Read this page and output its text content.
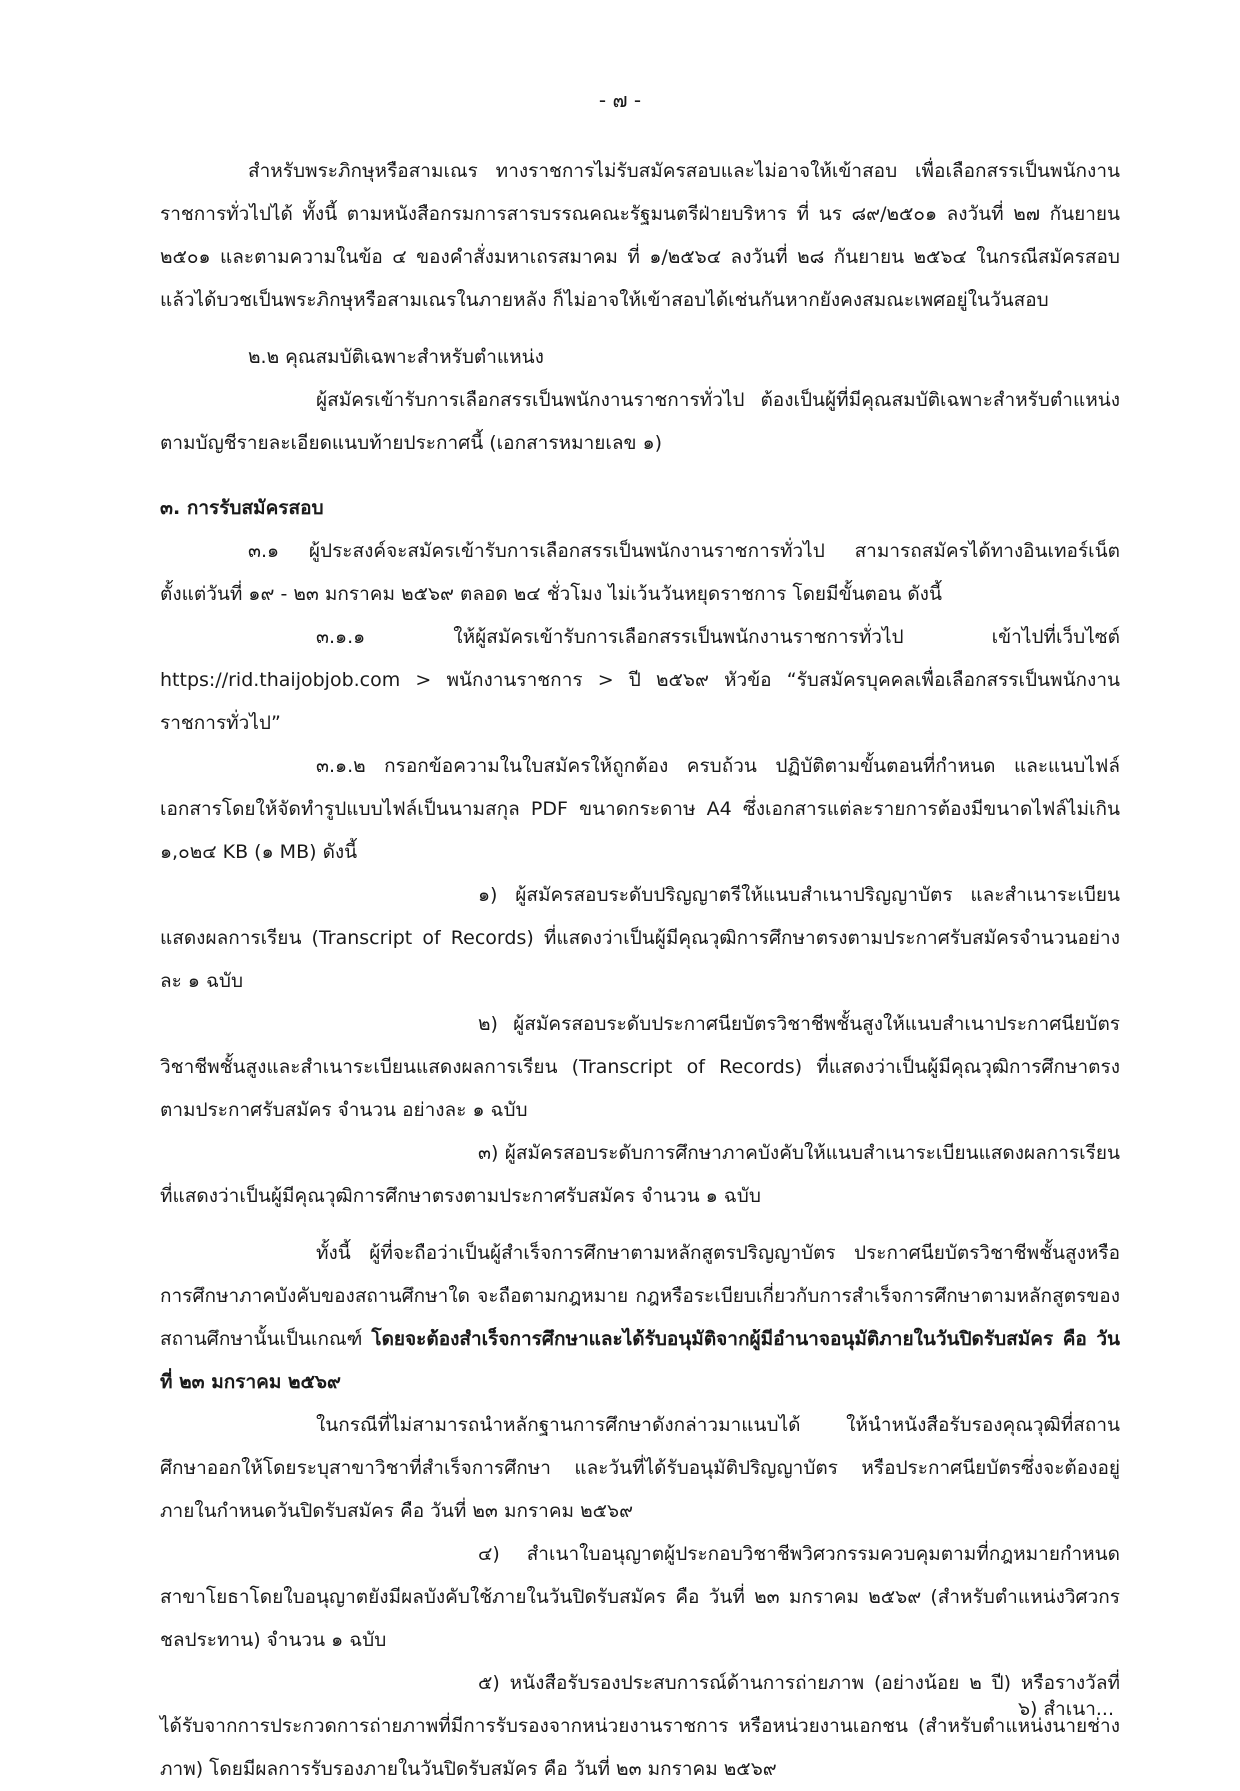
- ๗ -

สำหรับพระภิกษุหรือสามเณร ทางราชการไม่รับสมัครสอบและไม่อาจให้เข้าสอบ เพื่อเลือกสรรเป็นพนักงานราชการทั่วไปได้ ทั้งนี้ ตามหนังสือกรมการสารบรรณคณะรัฐมนตรีฝ่ายบริหาร ที่ นร ๘๙/๒๕๐๑ ลงวันที่ ๒๗ กันยายน ๒๕๐๑ และตามความในข้อ ๔ ของคำสั่งมหาเถรสมาคม ที่ ๑/๒๕๖๔ ลงวันที่ ๒๘ กันยายน ๒๕๖๔ ในกรณีสมัครสอบแล้วได้บวชเป็นพระภิกษุหรือสามเณรในภายหลัง ก็ไม่อาจให้เข้าสอบได้เช่นกันหากยังคงสมณะเพศอยู่ในวันสอบ

๒.๒ คุณสมบัติเฉพาะสำหรับตำแหน่ง

ผู้สมัครเข้ารับการเลือกสรรเป็นพนักงานราชการทั่วไป ต้องเป็นผู้ที่มีคุณสมบัติเฉพาะสำหรับตำแหน่งตามบัญชีรายละเอียดแนบท้ายประกาศนี้ (เอกสารหมายเลข ๑)

๓. การรับสมัครสอบ

๓.๑ ผู้ประสงค์จะสมัครเข้ารับการเลือกสรรเป็นพนักงานราชการทั่วไป สามารถสมัครได้ทางอินเทอร์เน็ต ตั้งแต่วันที่ ๑๙ - ๒๓ มกราคม ๒๕๖๙ ตลอด ๒๔ ชั่วโมง ไม่เว้นวันหยุดราชการ โดยมีขั้นตอน ดังนี้

๓.๑.๑ ให้ผู้สมัครเข้ารับการเลือกสรรเป็นพนักงานราชการทั่วไป เข้าไปที่เว็บไซต์ https://rid.thaijobjob.com > พนักงานราชการ > ปี ๒๕๖๙ หัวข้อ “รับสมัครบุคคลเพื่อเลือกสรรเป็นพนักงานราชการทั่วไป”

๓.๑.๒ กรอกข้อความในใบสมัครให้ถูกต้อง ครบถ้วน ปฏิบัติตามขั้นตอนที่กำหนด และแนบไฟล์เอกสารโดยให้จัดทำรูปแบบไฟล์เป็นนามสกุล PDF ขนาดกระดาษ A4 ซึ่งเอกสารแต่ละรายการต้องมีขนาดไฟล์ไม่เกิน ๑,๐๒๔ KB (๑ MB) ดังนี้

๑) ผู้สมัครสอบระดับปริญญาตรีให้แนบสำเนาปริญญาบัตร และสำเนาระเบียนแสดงผลการเรียน (Transcript of Records) ที่แสดงว่าเป็นผู้มีคุณวุฒิการศึกษาตรงตามประกาศรับสมัครจำนวนอย่างละ ๑ ฉบับ

๒) ผู้สมัครสอบระดับประกาศนียบัตรวิชาชีพชั้นสูงให้แนบสำเนาประกาศนียบัตรวิชาชีพชั้นสูงและสำเนาระเบียนแสดงผลการเรียน (Transcript of Records) ที่แสดงว่าเป็นผู้มีคุณวุฒิการศึกษาตรงตามประกาศรับสมัคร จำนวน อย่างละ ๑ ฉบับ

๓) ผู้สมัครสอบระดับการศึกษาภาคบังคับให้แนบสำเนาระเบียนแสดงผลการเรียนที่แสดงว่าเป็นผู้มีคุณวุฒิการศึกษาตรงตามประกาศรับสมัคร จำนวน ๑ ฉบับ

ทั้งนี้ ผู้ที่จะถือว่าเป็นผู้สำเร็จการศึกษาตามหลักสูตรปริญญาบัตร ประกาศนียบัตรวิชาชีพชั้นสูงหรือการศึกษาภาคบังคับของสถานศึกษาใด จะถือตามกฎหมาย กฎหรือระเบียบเกี่ยวกับการสำเร็จการศึกษาตามหลักสูตรของสถานศึกษานั้นเป็นเกณฑ์ โดยจะต้องสำเร็จการศึกษาและได้รับอนุมัติจากผู้มีอำนาจอนุมัติภายในวันปิดรับสมัคร คือ วันที่ ๒๓ มกราคม ๒๕๖๙

ในกรณีที่ไม่สามารถนำหลักฐานการศึกษาดังกล่าวมาแนบได้ ให้นำหนังสือรับรองคุณวุฒิที่สถานศึกษาออกให้โดยระบุสาขาวิชาที่สำเร็จการศึกษา และวันที่ได้รับอนุมัติปริญญาบัตร หรือประกาศนียบัตรซึ่งจะต้องอยู่ภายในกำหนดวันปิดรับสมัคร คือ วันที่ ๒๓ มกราคม ๒๕๖๙

๔) สำเนาใบอนุญาตผู้ประกอบวิชาชีพวิศวกรรมควบคุมตามที่กฎหมายกำหนดสาขาโยธาโดยใบอนุญาตยังมีผลบังคับใช้ภายในวันปิดรับสมัคร คือ วันที่ ๒๓ มกราคม ๒๕๖๙ (สำหรับตำแหน่งวิศวกรชลประทาน) จำนวน ๑ ฉบับ

๕) หนังสือรับรองประสบการณ์ด้านการถ่ายภาพ (อย่างน้อย ๒ ปี) หรือรางวัลที่ได้รับจากการประกวดการถ่ายภาพที่มีการรับรองจากหน่วยงานราชการ หรือหน่วยงานเอกชน (สำหรับตำแหน่งนายช่างภาพ) โดยมีผลการรับรองภายในวันปิดรับสมัคร คือ วันที่ ๒๓ มกราคม ๒๕๖๙

๖) สำเนา...
